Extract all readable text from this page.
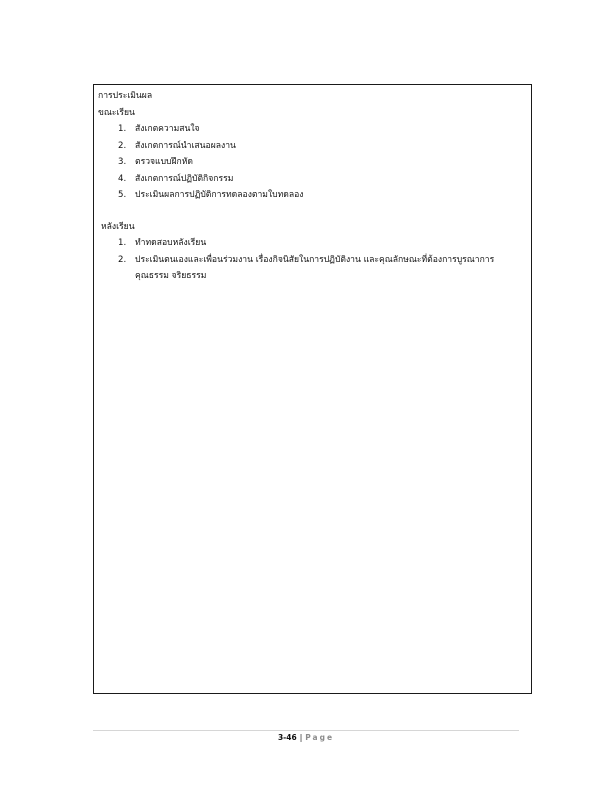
การประเมินผล
ขณะเรียน
1. สังเกตความสนใจ
2. สังเกตการณ์นำเสนอผลงาน
3. ตรวจแบบฝึกหัด
4. สังเกตการณ์ปฏิบัติกิจกรรม
5. ประเมินผลการปฏิบัติการทดลองตามใบทดลอง
หลังเรียน
1. ทำทดสอบหลังเรียน
2. ประเมินตนเองและเพื่อนร่วมงาน เรื่องกิจนิสัยในการปฏิบัติงาน และคุณลักษณะที่ต้องการบูรณาการคุณธรรม จริยธรรม
3-46 | Page
